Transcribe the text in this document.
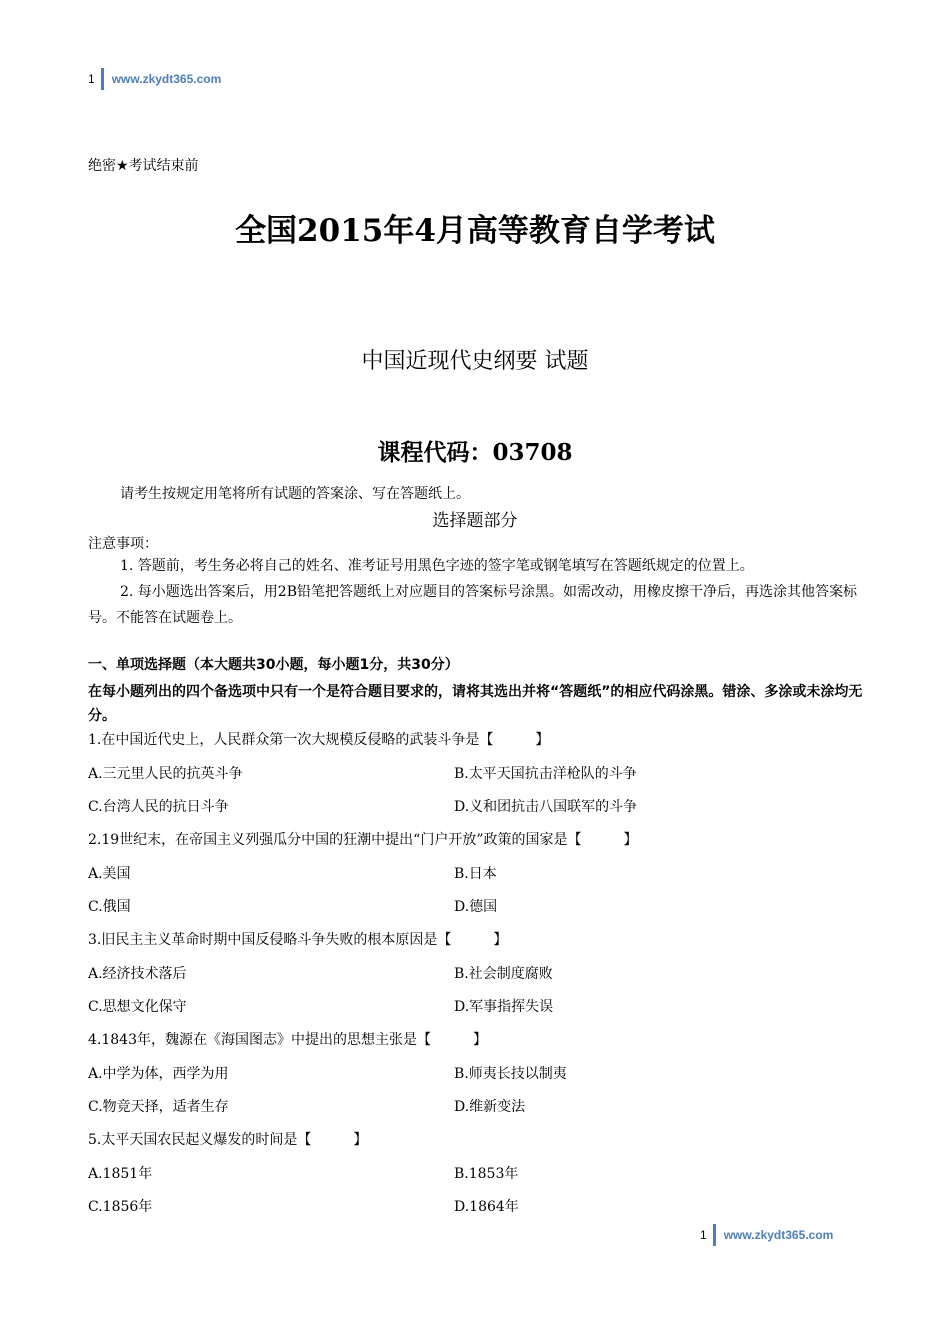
1 www.zkydt365.com
绝密★考试结束前
全国2015年4月高等教育自学考试
中国近现代史纲要 试题
课程代码：03708
请考生按规定用笔将所有试题的答案涂、写在答题纸上。
选择题部分
注意事项：
1. 答题前，考生务必将自己的姓名、准考证号用黑色字迹的签字笔或钢笔填写在答题纸规定的位置上。
2. 每小题选出答案后，用2B铅笔把答题纸上对应题目的答案标号涂黑。如需改动，用橡皮擦干净后，再选涂其他答案标号。不能答在试题卷上。
一、单项选择题（本大题共30小题，每小题1分，共30分）
在每小题列出的四个备选项中只有一个是符合题目要求的，请将其选出并将“答题纸”的相应代码涂黑。错涂、多涂或未涂均无分。
1.在中国近代史上，人民群众第一次大规模反侵略的武装斗争是【　　　】
A.三元里人民的抗英斗争	B.太平天国抗击洋枪队的斗争
C.台湾人民的抗日斗争	D.义和团抗击八国联军的斗争
2.19世纪末，在帝国主义列强瓜分中国的狂潮中提出“门户开放”政策的国家是【　　　】
A.美国	B.日本
C.俄国	D.德国
3.旧民主主义革命时期中国反侵略斗争失败的根本原因是【　　　】
A.经济技术落后	B.社会制度腐败
C.思想文化保守	D.军事指挥失误
4.1843年，魏源在《海国图志》中提出的思想主张是【　　　】
A.中学为体，西学为用	B.师夷长技以制夷
C.物竞天择，适者生存	D.维新变法
5.太平天国农民起义爆发的时间是【　　　】
A.1851年	B.1853年
C.1856年	D.1864年
1 www.zkydt365.com
